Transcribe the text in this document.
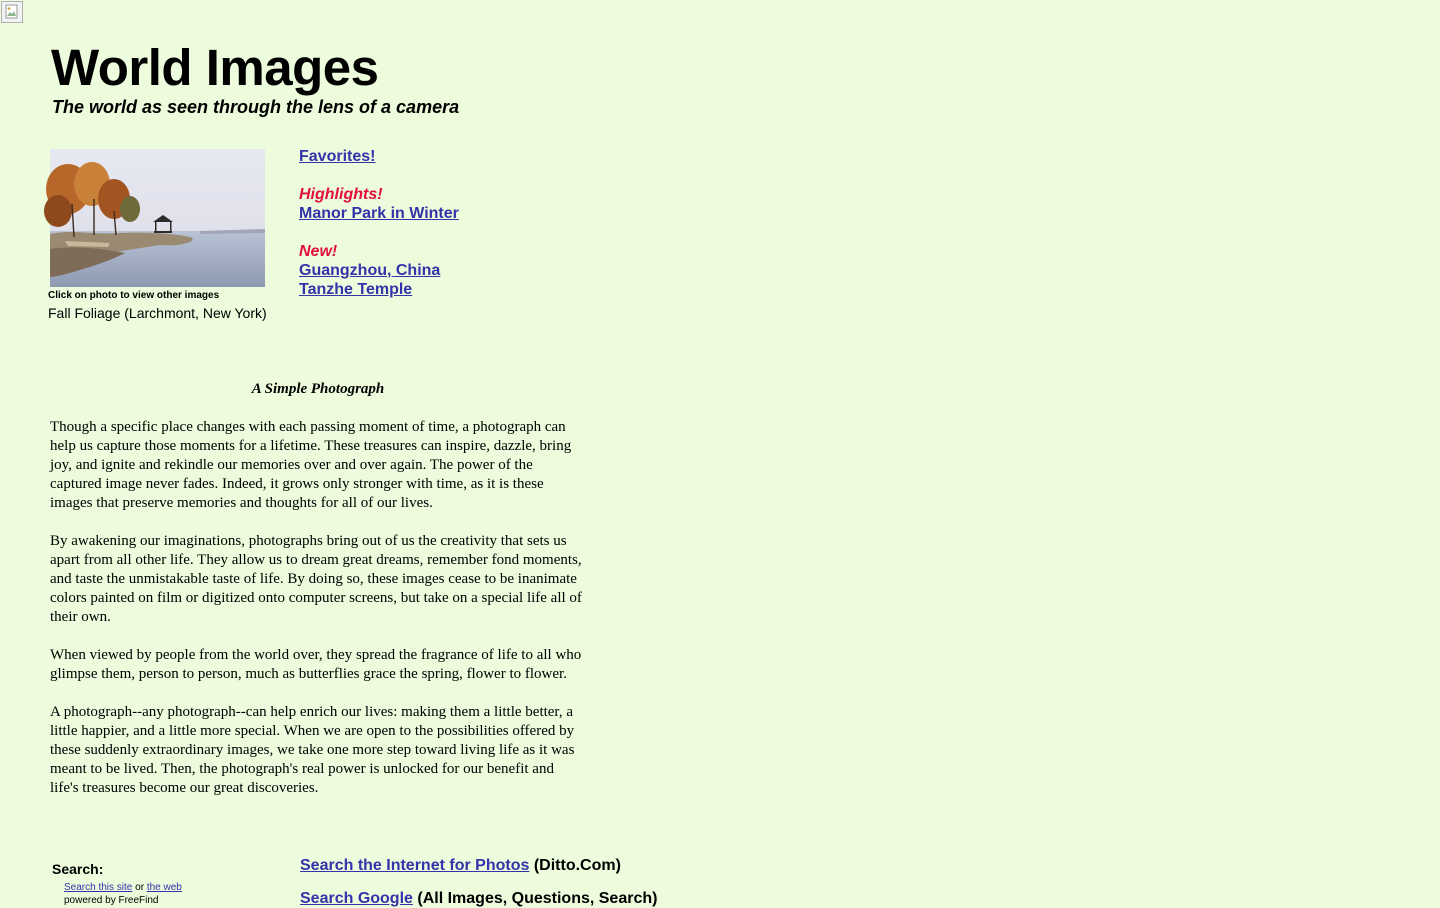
World Images

The world as seen through the lens of a camera

Click on photo to view other images
Fall Foliage (Larchmont, New York)
Favorites!
Highlights!
Manor Park in Winter
New!
Guangzhou, China
Tanzhe Temple
A Simple Photograph

Though a specific place changes with each passing moment of time, a photograph can help us capture those moments for a lifetime. These treasures can inspire, dazzle, bring joy, and ignite and rekindle our memories over and over again. The power of the captured image never fades. Indeed, it grows only stronger with time, as it is these images that preserve memories and thoughts for all of our lives.

By awakening our imaginations, photographs bring out of us the creativity that sets us apart from all other life. They allow us to dream great dreams, remember fond moments, and taste the unmistakable taste of life. By doing so, these images cease to be inanimate colors painted on film or digitized onto computer screens, but take on a special life all of their own.

When viewed by people from the world over, they spread the fragrance of life to all who glimpse them, person to person, much as butterflies grace the spring, flower to flower.

A photograph--any photograph--can help enrich our lives: making them a little better, a little happier, and a little more special. When we are open to the possibilities offered by these suddenly extraordinary images, we take one more step toward living life as it was meant to be lived. Then, the photograph's real power is unlocked for our benefit and life's treasures become our great discoveries.

Search:
Search this site or the web
powered by FreeFind
Search the Internet for Photos (Ditto.Com)
Search Google (All Images, Questions, Search)
